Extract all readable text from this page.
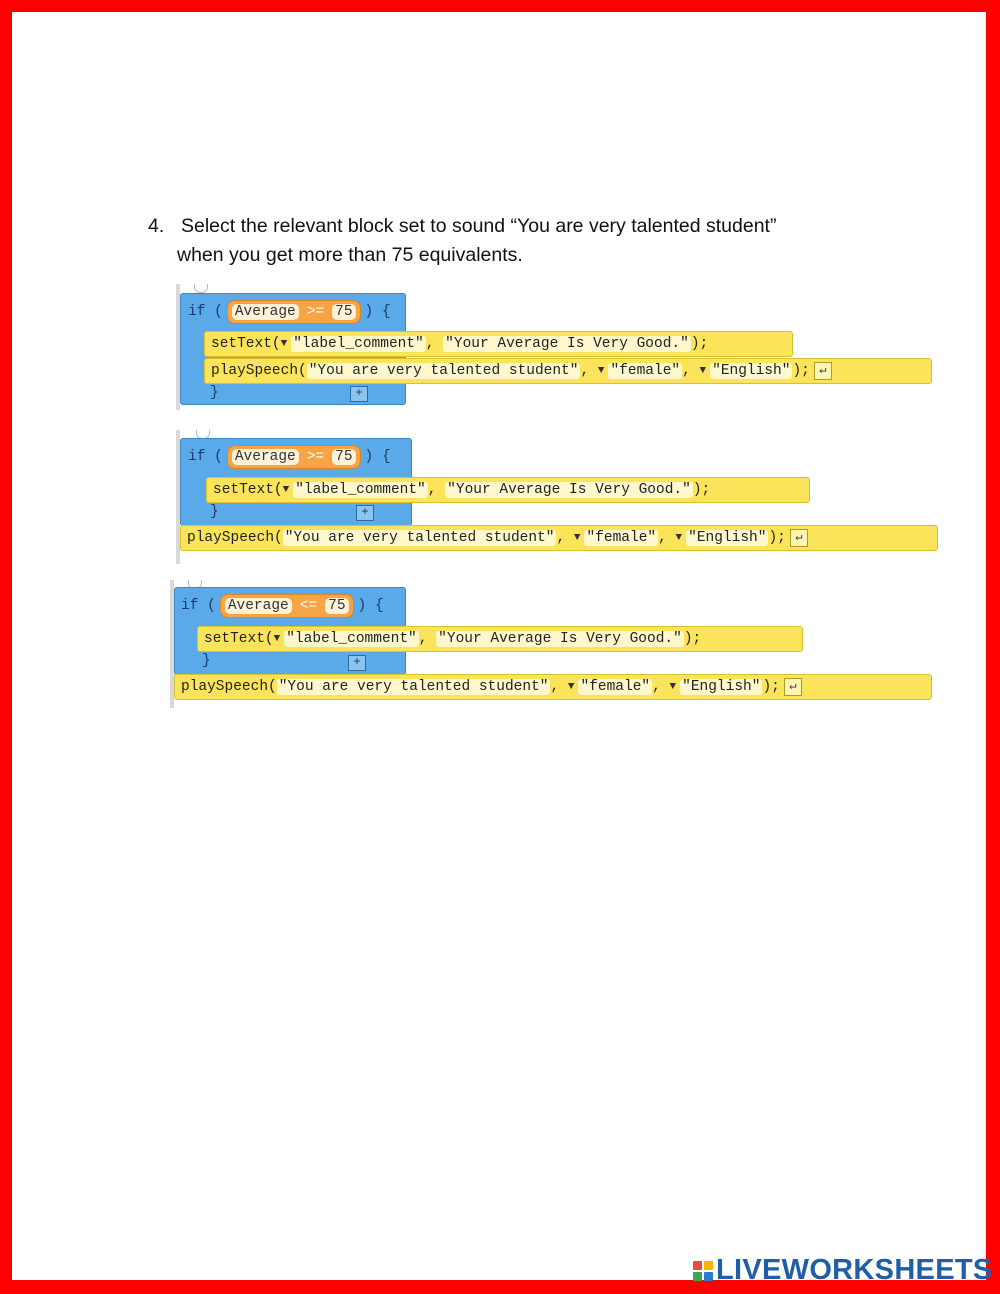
4. Select the relevant block set to sound “You are very talented student”
when you get more than 75 equivalents.

if
( Average >= 75 )
{

setText( ▼ "label_comment" ,
"Your Average Is Very Good." );

playSpeech( "You are very talented student" ,
▼ "female" ,
▼ "English" ); ↵

}

	+

if
( Average >= 75 )
{

setText( ▼ "label_comment" ,
"Your Average Is Very Good." );

}

	+

playSpeech( "You are very talented student" ,
▼ "female" ,
▼ "English" ); ↵

if
( Average <= 75 )
{

setText( ▼ "label_comment" ,
"Your Average Is Very Good." );

}

	+

playSpeech( "You are very talented student" ,
▼ "female" ,
▼ "English" ); ↵

LIVEWORKSHEETS
